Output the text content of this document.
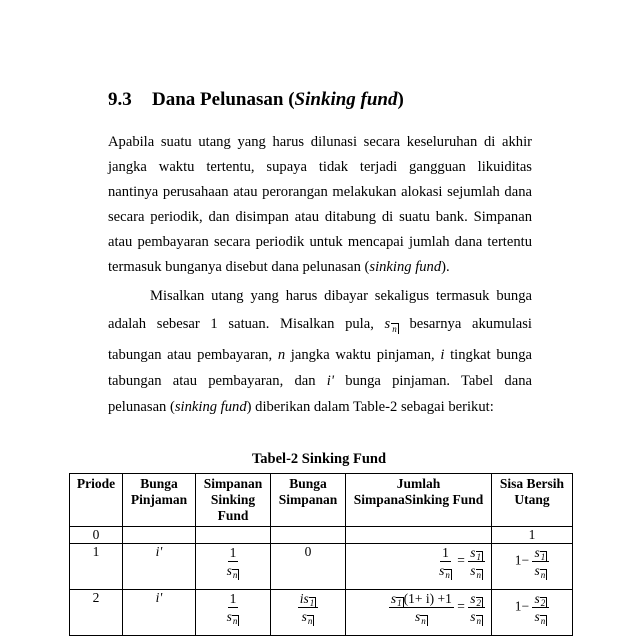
9.3 Dana Pelunasan (Sinking fund)
Apabila suatu utang yang harus dilunasi secara keseluruhan di akhir
jangka waktu tertentu, supaya tidak terjadi gangguan likuiditas
nantinya perusahaan atau perorangan melakukan alokasi sejumlah dana
secara periodik, dan disimpan atau ditabung di suatu bank. Simpanan
atau pembayaran secara periodik untuk mencapai jumlah dana tertentu
termasuk bunganya disebut dana pelunasan (sinking fund).
Misalkan utang yang harus dibayar sekaligus termasuk bunga
adalah sebesar 1 satuan. Misalkan pula, s $_n$ besarnya akumulasi
tabungan atau pembayaran, n jangka waktu pinjaman, i tingkat bunga
tabungan atau pembayaran, dan i' bunga pinjaman. Tabel dana
pelunasan (sinking fund) diberikan dalam Table-2 sebagai berikut:
Tabel-2 Sinking Fund
Priode	Bunga Pinjaman	Simpanan Sinking Fund	Bunga Simpanan	Jumlah SimpanaSinking Fund	Sisa Bersih Utang
0					1
1	i'	$\frac{1}{s_n}$	0	$\frac{1}{s_n} = \frac{s_1}{s_n}$	$1- \frac{s_1}{s_n}$

2	i'	$\frac{1}{s_n}$	$\frac{is_1}{s_n}$	$\frac{s_1 (1+ i) +1}{s_n} = \frac{s_2}{s_n}$	$1- \frac{s_2}{s_n}$
